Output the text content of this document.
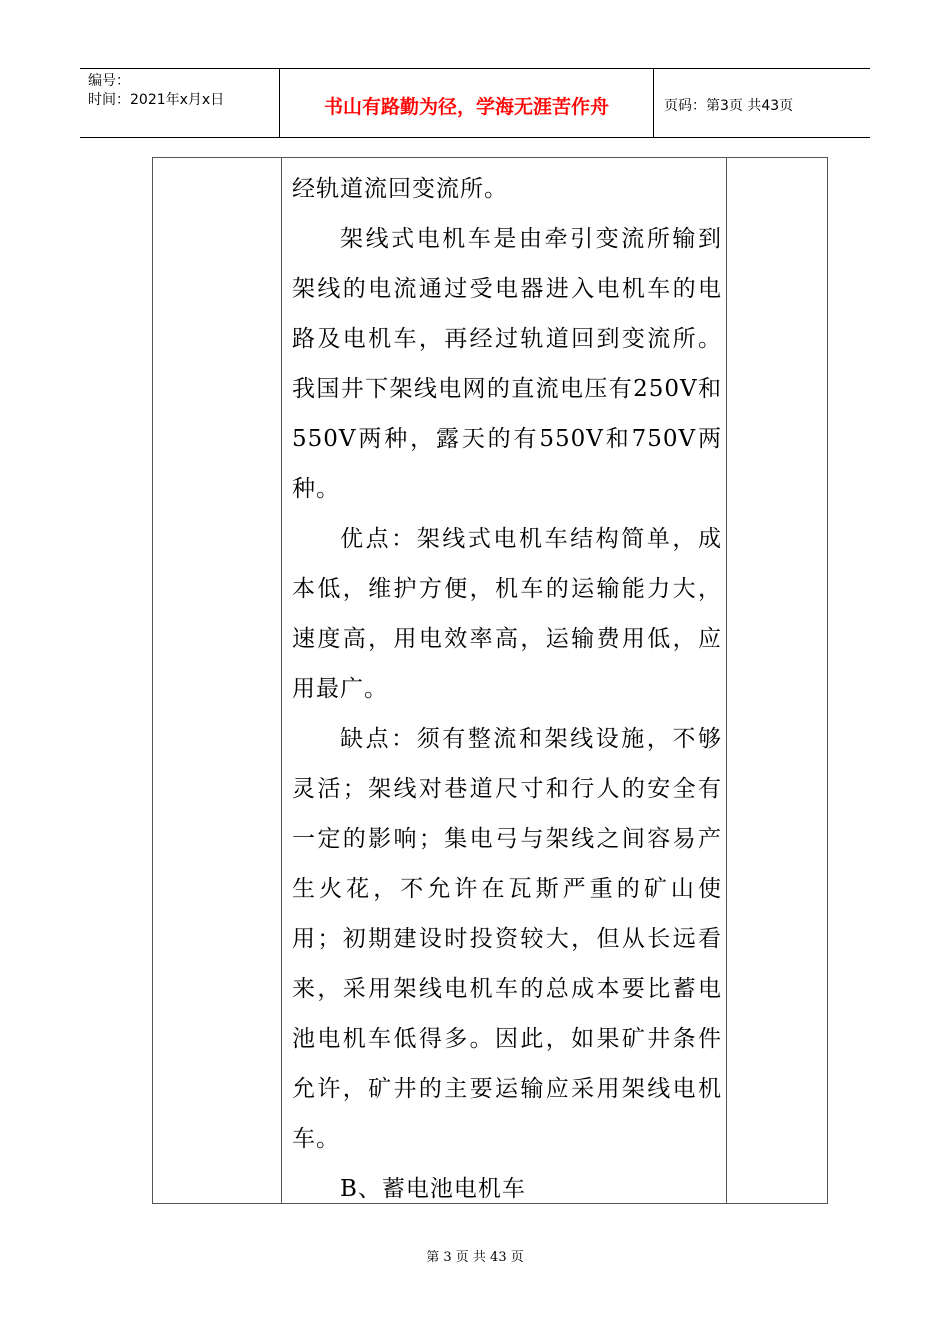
编号：
时间：2021年x月x日	书山有路勤为径，学海无涯苦作舟	页码：第3页 共43页

经轨道流回变流所。

架线式电机车是由牵引变流所输到架线的电流通过受电器进入电机车的电路及电机车，再经过轨道回到变流所。我国井下架线电网的直流电压有250V和550V两种，露天的有550V和750V两种。

优点：架线式电机车结构简单，成本低，维护方便，机车的运输能力大，速度高，用电效率高，运输费用低，应用最广。

缺点：须有整流和架线设施，不够灵活；架线对巷道尺寸和行人的安全有一定的影响；集电弓与架线之间容易产生火花，不允许在瓦斯严重的矿山使用；初期建设时投资较大，但从长远看来，采用架线电机车的总成本要比蓄电池电机车低得多。因此，如果矿井条件允许，矿井的主要运输应采用架线电机车。

B、蓄电池电机车

第 3 页 共 43 页
